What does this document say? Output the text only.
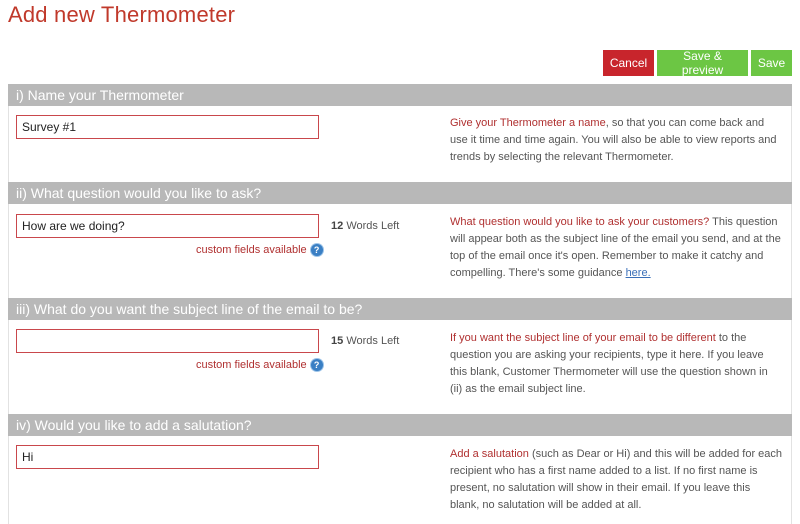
Add new Thermometer
Cancel	Save & preview	Save
i) Name your Thermometer
Survey #1
Give your Thermometer a name, so that you can come back and use it time and time again. You will also be able to view reports and trends by selecting the relevant Thermometer.
ii) What question would you like to ask?
How are we doing?
12 Words Left
custom fields available ?
What question would you like to ask your customers? This question will appear both as the subject line of the email you send, and at the top of the email once it's open. Remember to make it catchy and compelling. There's some guidance here.
iii) What do you want the subject line of the email to be?
15 Words Left
custom fields available ?
If you want the subject line of your email to be different to the question you are asking your recipients, type it here. If you leave this blank, Customer Thermometer will use the question shown in (ii) as the email subject line.
iv) Would you like to add a salutation?
Hi
Add a salutation (such as Dear or Hi) and this will be added for each recipient who has a first name added to a list. If no first name is present, no salutation will show in their email. If you leave this blank, no salutation will be added at all.
